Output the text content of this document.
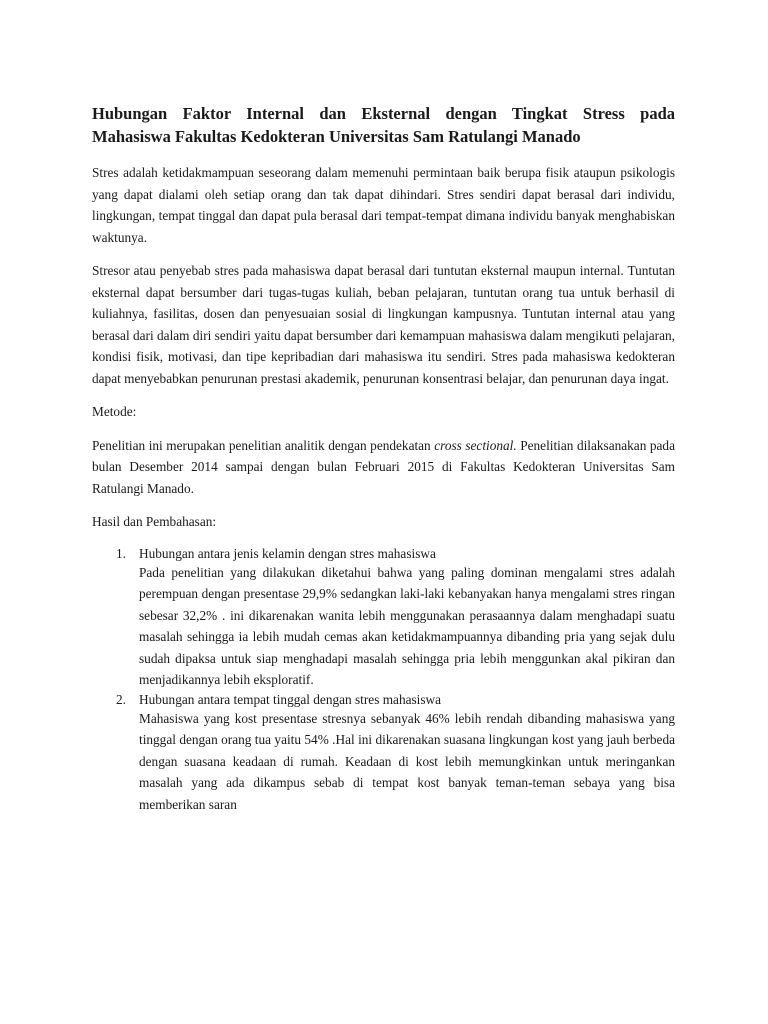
Hubungan Faktor Internal dan Eksternal dengan Tingkat Stress pada
Mahasiswa Fakultas Kedokteran Universitas Sam Ratulangi Manado

Stres adalah ketidakmampuan seseorang dalam memenuhi permintaan baik berupa fisik ataupun psikologis yang dapat dialami oleh setiap orang dan tak dapat dihindari. Stres sendiri dapat berasal dari individu, lingkungan, tempat tinggal dan dapat pula berasal dari tempat-tempat dimana individu banyak menghabiskan waktunya.

Stresor atau penyebab stres pada mahasiswa dapat berasal dari tuntutan eksternal maupun internal. Tuntutan eksternal dapat bersumber dari tugas-tugas kuliah, beban pelajaran, tuntutan orang tua untuk berhasil di kuliahnya, fasilitas, dosen dan penyesuaian sosial di lingkungan kampusnya. Tuntutan internal atau yang berasal dari dalam diri sendiri yaitu dapat bersumber dari kemampuan mahasiswa dalam mengikuti pelajaran, kondisi fisik, motivasi, dan tipe kepribadian dari mahasiswa itu sendiri. Stres pada mahasiswa kedokteran dapat menyebabkan penurunan prestasi akademik, penurunan konsentrasi belajar, dan penurunan daya ingat.

Metode:

Penelitian ini merupakan penelitian analitik dengan pendekatan cross sectional. Penelitian dilaksanakan pada bulan Desember 2014 sampai dengan bulan Februari 2015 di Fakultas Kedokteran Universitas Sam Ratulangi Manado.

Hasil dan Pembahasan:

1. Hubungan antara jenis kelamin dengan stres mahasiswa

Pada penelitian yang dilakukan diketahui bahwa yang paling dominan mengalami stres adalah perempuan dengan presentase 29,9% sedangkan laki-laki kebanyakan hanya mengalami stres ringan sebesar 32,2% . ini dikarenakan wanita lebih menggunakan perasaannya dalam menghadapi suatu masalah sehingga ia lebih mudah cemas akan ketidakmampuannya dibanding pria yang sejak dulu sudah dipaksa untuk siap menghadapi masalah sehingga pria lebih menggunkan akal pikiran dan menjadikannya lebih eksploratif.

2. Hubungan antara tempat tinggal dengan stres mahasiswa

Mahasiswa yang kost presentase stresnya sebanyak 46% lebih rendah dibanding mahasiswa yang tinggal dengan orang tua yaitu 54% .Hal ini dikarenakan suasana lingkungan kost yang jauh berbeda dengan suasana keadaan di rumah. Keadaan di kost lebih memungkinkan untuk meringankan masalah yang ada dikampus sebab di tempat kost banyak teman-teman sebaya yang bisa memberikan saran
